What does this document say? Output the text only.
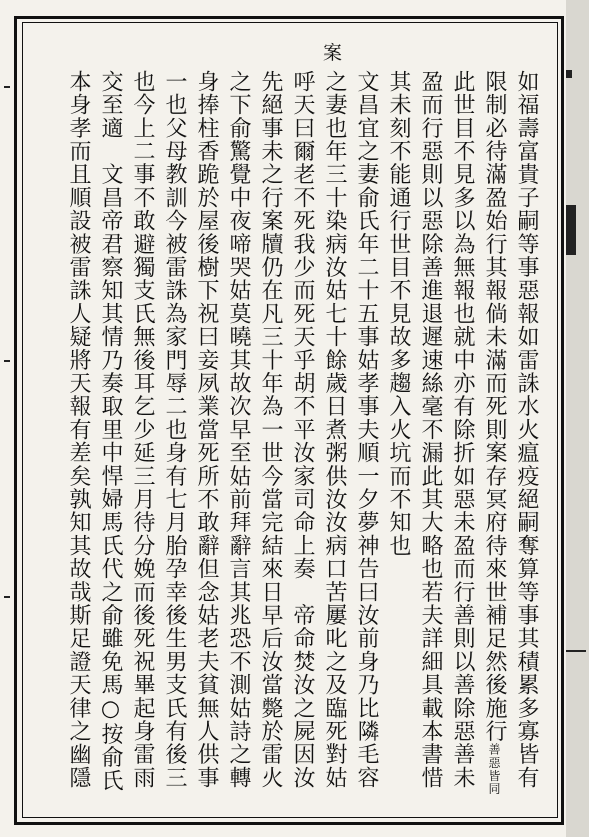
案
如福壽富貴子嗣等事惡報如雷誅水火瘟疫絕嗣奪算等事其積累多寡皆有
限制必待滿盈始行其報倘未滿而死則案存冥府待來世補足然後施行善惡皆同
此世目不見多以為無報也就中亦有除折如惡未盈而行善則以善除惡善未
盈而行惡則以惡除善進退遲速絲毫不漏此其大略也若夫詳細具載本書惜
其未刻不能通行世目不見故多趨入火坑而不知也
文昌宜之妻俞氏年二十五事姑孝事夫順一夕夢神告曰汝前身乃比隣毛容
之妻也年三十染病汝姑七十餘歲日煮粥供汝汝病口苦屢叱之及臨死對姑
呼天曰爾老不死我少而死天乎胡不平汝家司命上奏　帝命焚汝之屍因汝
先絕事未之行案牘仍在凡三十年為一世今當完結來日早后汝當斃於雷火
之下俞驚覺中夜啼哭姑莫曉其故次早至姑前拜辭言其兆恐不測姑詩之轉
身捧柱香跪於屋後樹下祝曰妾夙業當死所不敢辭但念姑老夫貧無人供事
一也父母教訓今被雷誅為家門辱二也身有七月胎孕幸後生男支氏有後三
也今上二事不敢避獨支氏無後耳乞少延三月待分娩而後死祝畢起身雷雨
交至適　文昌帝君察知其情乃奏取里中悍婦馬氏代之俞雖免馬○按俞氏
本身孝而且順設被雷誅人疑將天報有差矣孰知其故哉斯足證天律之幽隱
